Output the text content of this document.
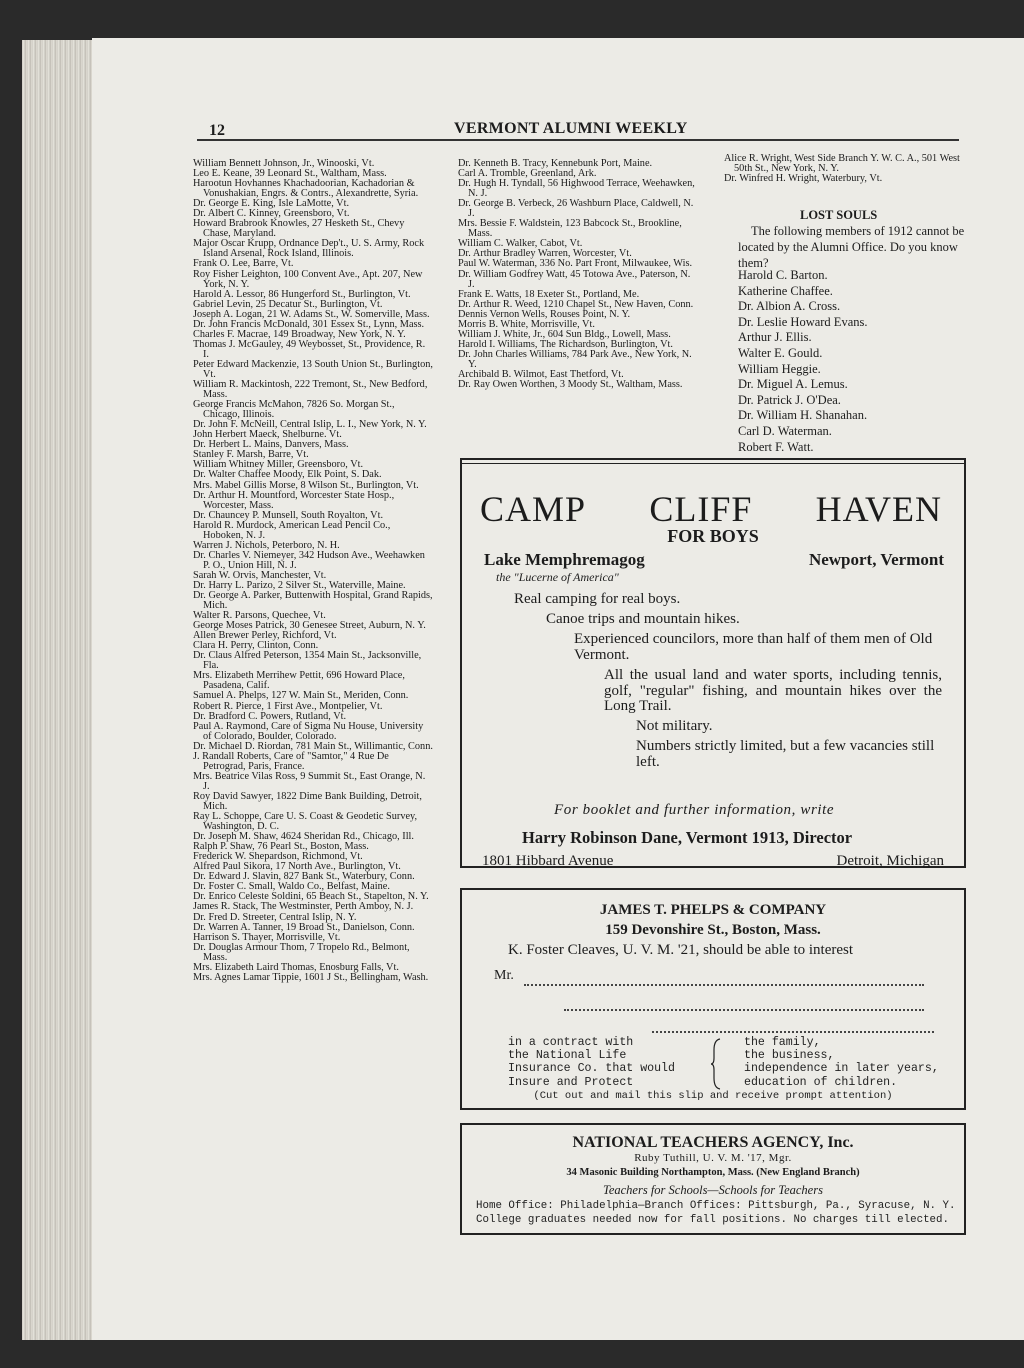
12	VERMONT ALUMNI WEEKLY
William Bennett Johnson, Jr., Winooski, Vt.
Leo E. Keane, 39 Leonard St., Waltham, Mass.
Harootun Hovhannes Khachadoorian, Kachadorian & Vonushakian, Engrs. & Contrs., Alexandrette, Syria.
Dr. George E. King, Isle LaMotte, Vt.
Dr. Albert C. Kinney, Greensboro, Vt.
Howard Brabrook Knowles, 27 Hesketh St., Chevy Chase, Maryland.
Major Oscar Krupp, Ordnance Dep't., U. S. Army, Rock Island Arsenal, Rock Island, Illinois.
Frank O. Lee, Barre, Vt.
Roy Fisher Leighton, 100 Convent Ave., Apt. 207, New York, N. Y.
Harold A. Lessor, 86 Hungerford St., Burlington, Vt.
Gabriel Levin, 25 Decatur St., Burlington, Vt.
Joseph A. Logan, 21 W. Adams St., W. Somerville, Mass.
Dr. John Francis McDonald, 301 Essex St., Lynn, Mass.
Charles F. Macrae, 149 Broadway, New York, N. Y.
Thomas J. McGauley, 49 Weybosset, St., Providence, R. I.
Peter Edward Mackenzie, 13 South Union St., Burlington, Vt.
William R. Mackintosh, 222 Tremont, St., New Bedford, Mass.
George Francis McMahon, 7826 So. Morgan St., Chicago, Illinois.
Dr. John F. McNeill, Central Islip, L. I., New York, N. Y.
John Herbert Maeck, Shelburne. Vt.
Dr. Herbert L. Mains, Danvers, Mass.
Stanley F. Marsh, Barre, Vt.
William Whitney Miller, Greensboro, Vt.
Dr. Walter Chaffee Moody, Elk Point, S. Dak.
Mrs. Mabel Gillis Morse, 8 Wilson St., Burlington, Vt.
Dr. Arthur H. Mountford, Worcester State Hosp., Worcester, Mass.
Dr. Chauncey P. Munsell, South Royalton, Vt.
Harold R. Murdock, American Lead Pencil Co., Hoboken, N. J.
Warren J. Nichols, Peterboro, N. H.
Dr. Charles V. Niemeyer, 342 Hudson Ave., Weehawken P. O., Union Hill, N. J.
Sarah W. Orvis, Manchester, Vt.
Dr. Harry L. Parizo, 2 Silver St., Waterville, Maine.
Dr. George A. Parker, Buttenwith Hospital, Grand Rapids, Mich.
Walter R. Parsons, Quechee, Vt.
George Moses Patrick, 30 Genesee Street, Auburn, N. Y.
Allen Brewer Perley, Richford, Vt.
Clara H. Perry, Clinton, Conn.
Dr. Claus Alfred Peterson, 1354 Main St., Jacksonville, Fla.
Mrs. Elizabeth Merrihew Pettit, 696 Howard Place, Pasadena, Calif.
Samuel A. Phelps, 127 W. Main St., Meriden, Conn.
Robert R. Pierce, 1 First Ave., Montpelier, Vt.
Dr. Bradford C. Powers, Rutland, Vt.
Paul A. Raymond, Care of Sigma Nu House, University of Colorado, Boulder, Colorado.
Dr. Michael D. Riordan, 781 Main St., Willimantic, Conn.
J. Randall Roberts, Care of "Samtor," 4 Rue De Petrograd, Paris, France.
Mrs. Beatrice Vilas Ross, 9 Summit St., East Orange, N. J.
Roy David Sawyer, 1822 Dime Bank Building, Detroit, Mich.
Ray L. Schoppe, Care U. S. Coast & Geodetic Survey, Washington, D. C.
Dr. Joseph M. Shaw, 4624 Sheridan Rd., Chicago, Ill.
Ralph P. Shaw, 76 Pearl St., Boston, Mass.
Frederick W. Shepardson, Richmond, Vt.
Alfred Paul Sikora, 17 North Ave., Burlington, Vt.
Dr. Edward J. Slavin, 827 Bank St., Waterbury, Conn.
Dr. Foster C. Small, Waldo Co., Belfast, Maine.
Dr. Enrico Celeste Soldini, 65 Beach St., Stapelton, N. Y.
James R. Stack, The Westminster, Perth Amboy, N. J.
Dr. Fred D. Streeter, Central Islip, N. Y.
Dr. Warren A. Tanner, 19 Broad St., Danielson, Conn.
Harrison S. Thayer, Morrisville, Vt.
Dr. Douglas Armour Thom, 7 Tropelo Rd., Belmont, Mass.
Mrs. Elizabeth Laird Thomas, Enosburg Falls, Vt.
Mrs. Agnes Lamar Tippie, 1601 J St., Bellingham, Wash.
Dr. Kenneth B. Tracy, Kennebunk Port, Maine.
Carl A. Tromble, Greenland, Ark.
Dr. Hugh H. Tyndall, 56 Highwood Terrace, Weehawken, N. J.
Dr. George B. Verbeck, 26 Washburn Place, Caldwell, N. J.
Mrs. Bessie F. Waldstein, 123 Babcock St., Brookline, Mass.
William C. Walker, Cabot, Vt.
Dr. Arthur Bradley Warren, Worcester, Vt.
Paul W. Waterman, 336 No. Part Front, Milwaukee, Wis.
Dr. William Godfrey Watt, 45 Totowa Ave., Paterson, N. J.
Frank E. Watts, 18 Exeter St., Portland, Me.
Dr. Arthur R. Weed, 1210 Chapel St., New Haven, Conn.
Dennis Vernon Wells, Rouses Point, N. Y.
Morris B. White, Morrisville, Vt.
William J. White, Jr., 604 Sun Bldg., Lowell, Mass.
Harold I. Williams, The Richardson, Burlington, Vt.
Dr. John Charles Williams, 784 Park Ave., New York, N. Y.
Archibald B. Wilmot, East Thetford, Vt.
Dr. Ray Owen Worthen, 3 Moody St., Waltham, Mass.
Alice R. Wright, West Side Branch Y. W. C. A., 501 West 50th St., New York, N. Y.
Dr. Winfred H. Wright, Waterbury, Vt.
LOST SOULS
The following members of 1912 cannot be located by the Alumni Office. Do you know them?
Harold C. Barton.
Katherine Chaffee.
Dr. Albion A. Cross.
Dr. Leslie Howard Evans.
Arthur J. Ellis.
Walter E. Gould.
William Heggie.
Dr. Miguel A. Lemus.
Dr. Patrick J. O'Dea.
Dr. William H. Shanahan.
Carl D. Waterman.
Robert F. Watt.
CAMP CLIFF HAVEN
FOR BOYS
Lake Memphremagog	Newport, Vermont
the "Lucerne of America"
Real camping for real boys.
Canoe trips and mountain hikes.
Experienced councilors, more than half of them men of Old Vermont.
All the usual land and water sports, including tennis, golf, "regular" fishing, and mountain hikes over the Long Trail.
Not military.
Numbers strictly limited, but a few vacancies still left.
For booklet and further information, write
Harry Robinson Dane, Vermont 1913, Director
1801 Hibbard Avenue	Detroit, Michigan
JAMES T. PHELPS & COMPANY
159 Devonshire St., Boston, Mass.
K. Foster Cleaves, U. V. M. '21, should be able to interest
Mr.
in a contract with
the National Life
Insurance Co. that would
Insure and Protect
the family,
the business,
independence in later years,
education of children.
(Cut out and mail this slip and receive prompt attention)
NATIONAL TEACHERS AGENCY, Inc.
Ruby Tuthill, U. V. M. '17, Mgr.
34 Masonic Building Northampton, Mass. (New England Branch)
Teachers for Schools—Schools for Teachers
Home Office: Philadelphia—Branch Offices: Pittsburgh, Pa., Syracuse, N. Y.
College graduates needed now for fall positions. No charges till elected.
